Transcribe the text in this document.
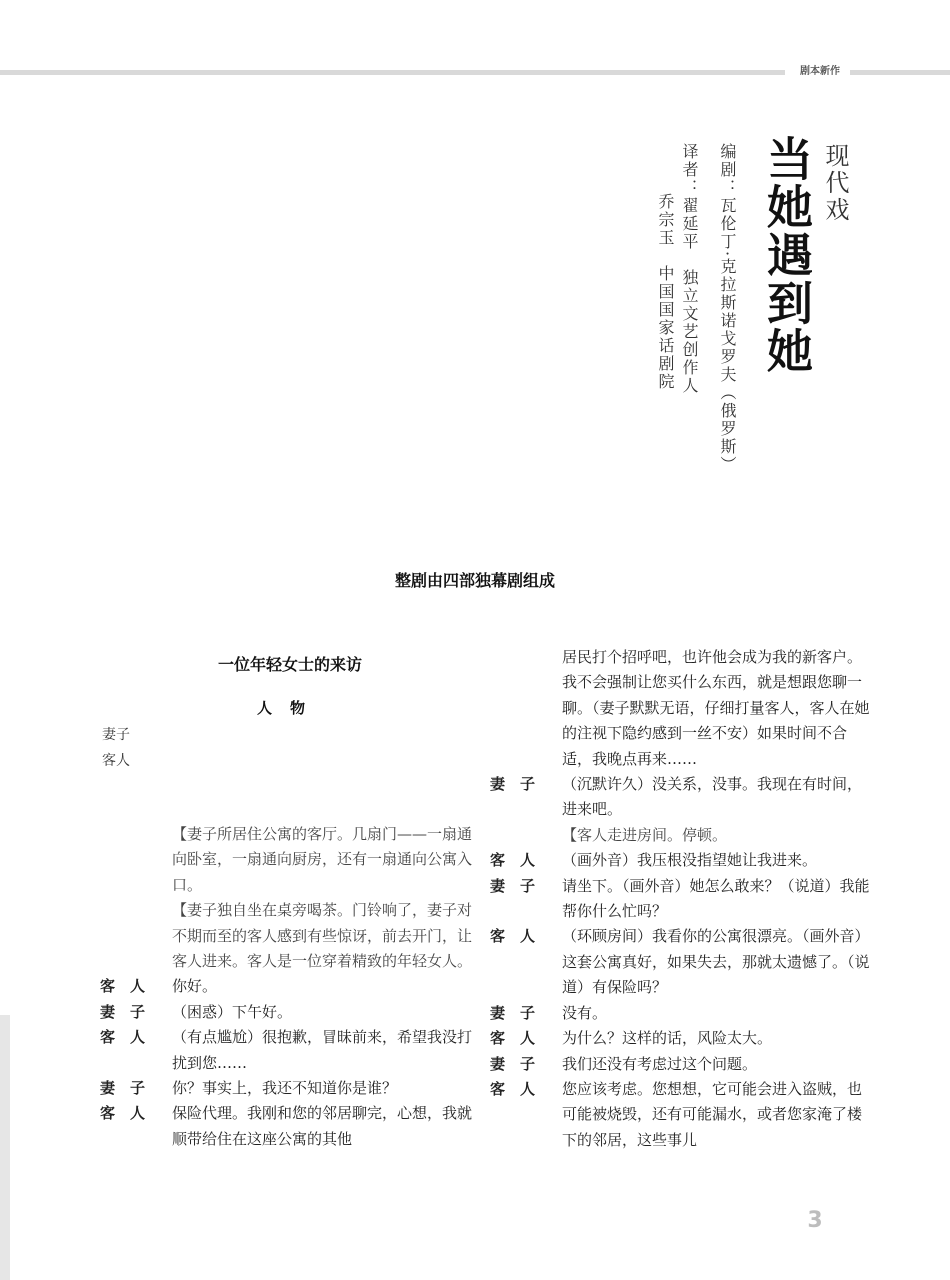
剧本新作
现代戏
当她遇到她
编剧：瓦伦丁·克拉斯诺戈罗夫（俄罗斯）
译者：翟延平　独立文艺创作人
乔宗玉　中国国家话剧院
整剧由四部独幕剧组成
一位年轻女士的来访
人物
妻子
客人
【妻子所居住公寓的客厅。几扇门——一扇通向卧室，一扇通向厨房，还有一扇通向公寓入口。
【妻子独自坐在桌旁喝茶。门铃响了，妻子对不期而至的客人感到有些惊讶，前去开门，让客人进来。客人是一位穿着精致的年轻女人。
客　人	你好。
妻　子	（困惑）下午好。
客　人	（有点尴尬）很抱歉，冒昧前来，希望我没打扰到您……
妻　子	你？事实上，我还不知道你是谁？
客　人	保险代理。我刚和您的邻居聊完，心想，我就顺带给住在这座公寓的其他
居民打个招呼吧，也许他会成为我的新客户。我不会强制让您买什么东西，就是想跟您聊一聊。（妻子默默无语，仔细打量客人，客人在她的注视下隐约感到一丝不安）如果时间不合适，我晚点再来……
妻　子	（沉默许久）没关系，没事。我现在有时间，进来吧。
【客人走进房间。停顿。
客　人	（画外音）我压根没指望她让我进来。
妻　子	请坐下。（画外音）她怎么敢来？（说道）我能帮你什么忙吗？
客　人	（环顾房间）我看你的公寓很漂亮。（画外音）这套公寓真好，如果失去，那就太遗憾了。（说道）有保险吗？
妻　子	没有。
客　人	为什么？这样的话，风险太大。
妻　子	我们还没有考虑过这个问题。
客　人	您应该考虑。您想想，它可能会进入盗贼，也可能被烧毁，还有可能漏水，或者您家淹了楼下的邻居，这些事儿
3
